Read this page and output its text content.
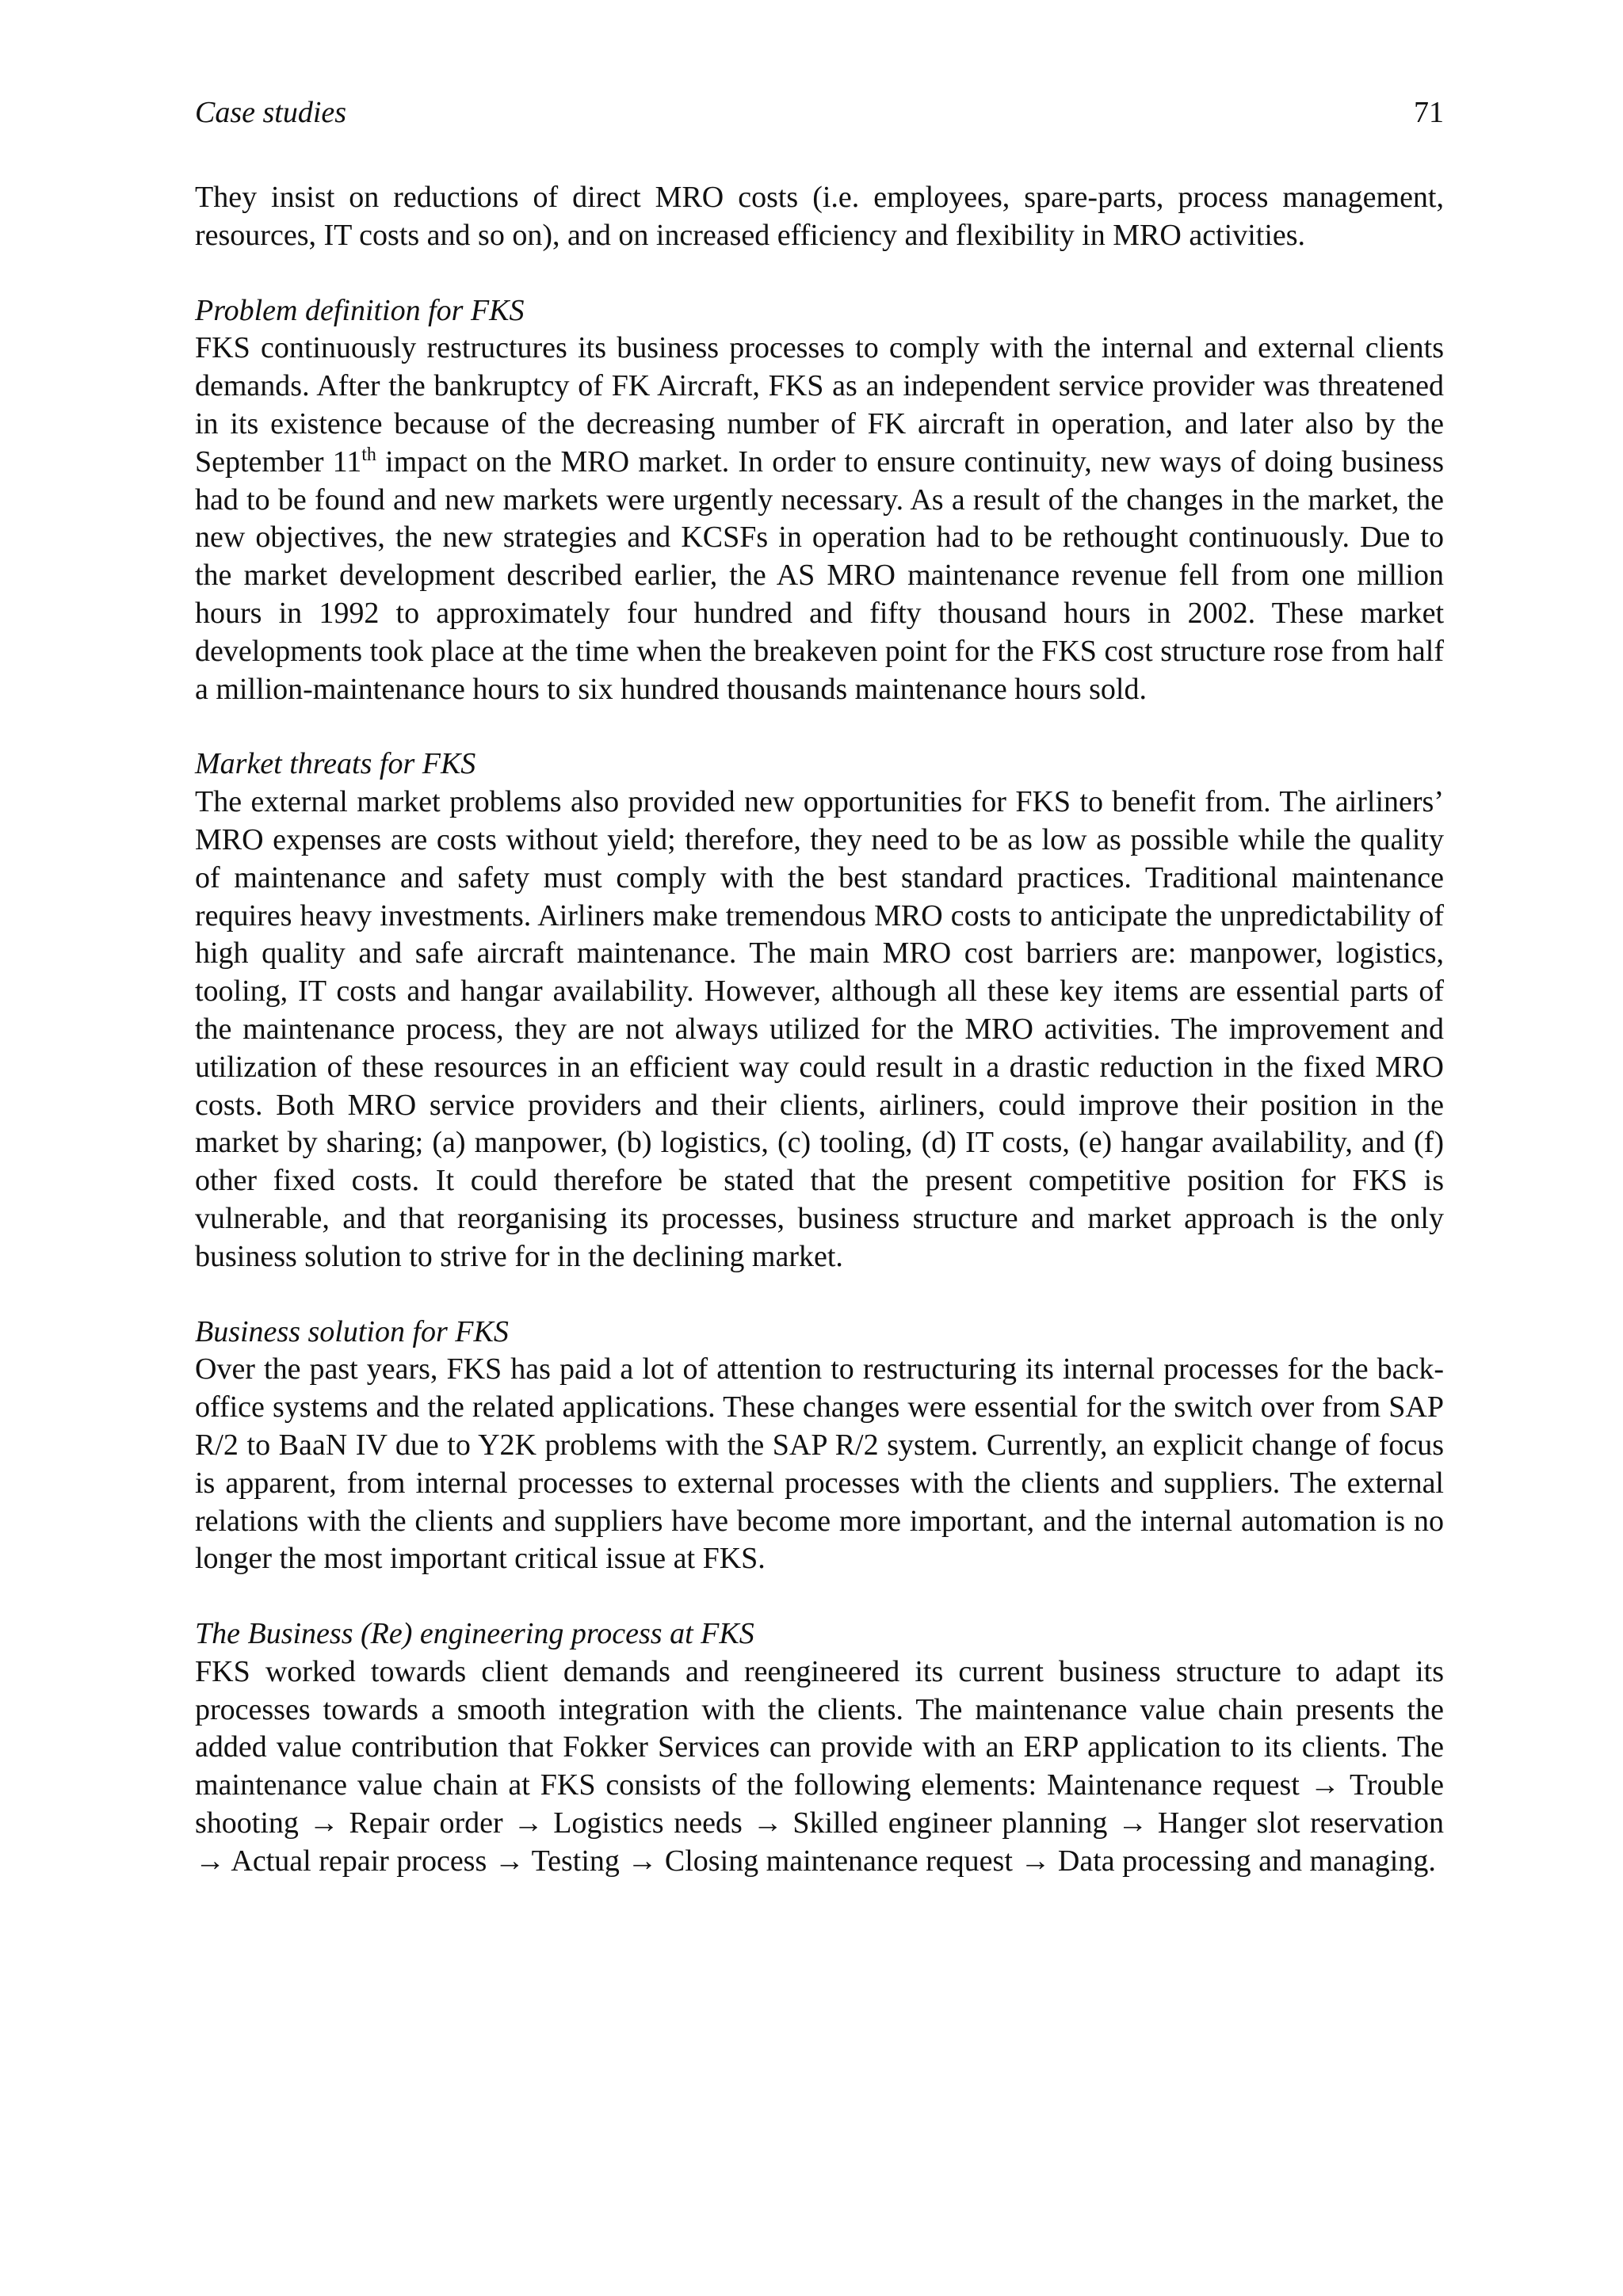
Case studies	71

They insist on reductions of direct MRO costs (i.e. employees, spare-parts, process management, resources, IT costs and so on), and on increased efficiency and flexibility in MRO activities.

Problem definition for FKS

FKS continuously restructures its business processes to comply with the internal and external clients demands. After the bankruptcy of FK Aircraft, FKS as an independent service provider was threatened in its existence because of the decreasing number of FK aircraft in operation, and later also by the September 11th impact on the MRO market. In order to ensure continuity, new ways of doing business had to be found and new markets were urgently necessary. As a result of the changes in the market, the new objectives, the new strategies and KCSFs in operation had to be rethought continuously. Due to the market development described earlier, the AS MRO maintenance revenue fell from one million hours in 1992 to approximately four hundred and fifty thousand hours in 2002. These market developments took place at the time when the breakeven point for the FKS cost structure rose from half a million-maintenance hours to six hundred thousands maintenance hours sold.

Market threats for FKS

The external market problems also provided new opportunities for FKS to benefit from. The airliners’ MRO expenses are costs without yield; therefore, they need to be as low as possible while the quality of maintenance and safety must comply with the best standard practices. Traditional maintenance requires heavy investments. Airliners make tremendous MRO costs to anticipate the unpredictability of high quality and safe aircraft maintenance. The main MRO cost barriers are: manpower, logistics, tooling, IT costs and hangar availability. However, although all these key items are essential parts of the maintenance process, they are not always utilized for the MRO activities. The improvement and utilization of these resources in an efficient way could result in a drastic reduction in the fixed MRO costs. Both MRO service providers and their clients, airliners, could improve their position in the market by sharing; (a) manpower, (b) logistics, (c) tooling, (d) IT costs, (e) hangar availability, and (f) other fixed costs. It could therefore be stated that the present competitive position for FKS is vulnerable, and that reorganising its processes, business structure and market approach is the only business solution to strive for in the declining market.

Business solution for FKS

Over the past years, FKS has paid a lot of attention to restructuring its internal processes for the back-office systems and the related applications. These changes were essential for the switch over from SAP R/2 to BaaN IV due to Y2K problems with the SAP R/2 system. Currently, an explicit change of focus is apparent, from internal processes to external processes with the clients and suppliers. The external relations with the clients and suppliers have become more important, and the internal automation is no longer the most important critical issue at FKS.

The Business (Re) engineering process at FKS

FKS worked towards client demands and reengineered its current business structure to adapt its processes towards a smooth integration with the clients. The maintenance value chain presents the added value contribution that Fokker Services can provide with an ERP application to its clients. The maintenance value chain at FKS consists of the following elements: Maintenance request → Trouble shooting → Repair order → Logistics needs → Skilled engineer planning → Hanger slot reservation → Actual repair process → Testing → Closing maintenance request → Data processing and managing.
